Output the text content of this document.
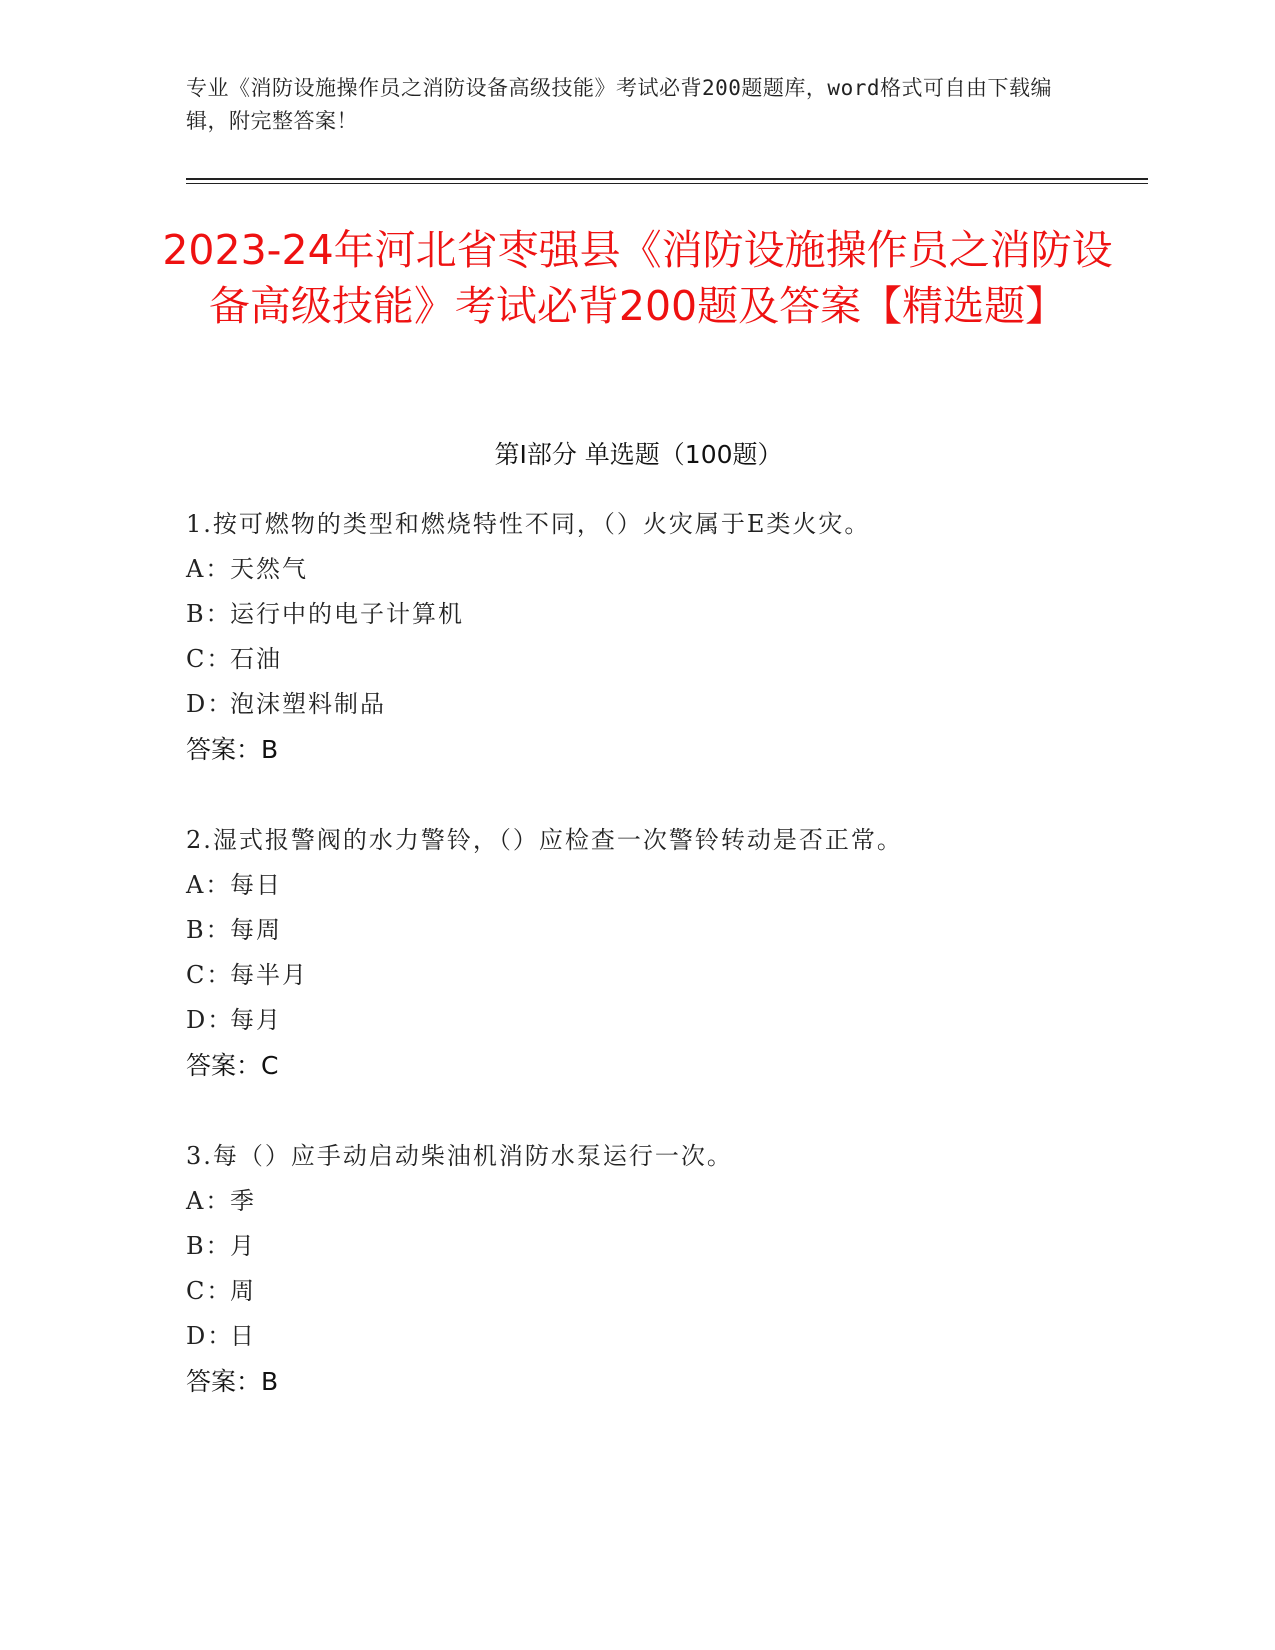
专业《消防设施操作员之消防设备高级技能》考试必背200题题库，word格式可自由下载编辑，附完整答案！
2023-24年河北省枣强县《消防设施操作员之消防设备高级技能》考试必背200题及答案【精选题】
第Ⅰ部分 单选题（100题）
1.按可燃物的类型和燃烧特性不同，（）火灾属于E类火灾。
A：天然气
B：运行中的电子计算机
C：石油
D：泡沫塑料制品
答案：B
2.湿式报警阀的水力警铃，（）应检查一次警铃转动是否正常。
A：每日
B：每周
C：每半月
D：每月
答案：C
3.每（）应手动启动柴油机消防水泵运行一次。
A：季
B：月
C：周
D：日
答案：B
